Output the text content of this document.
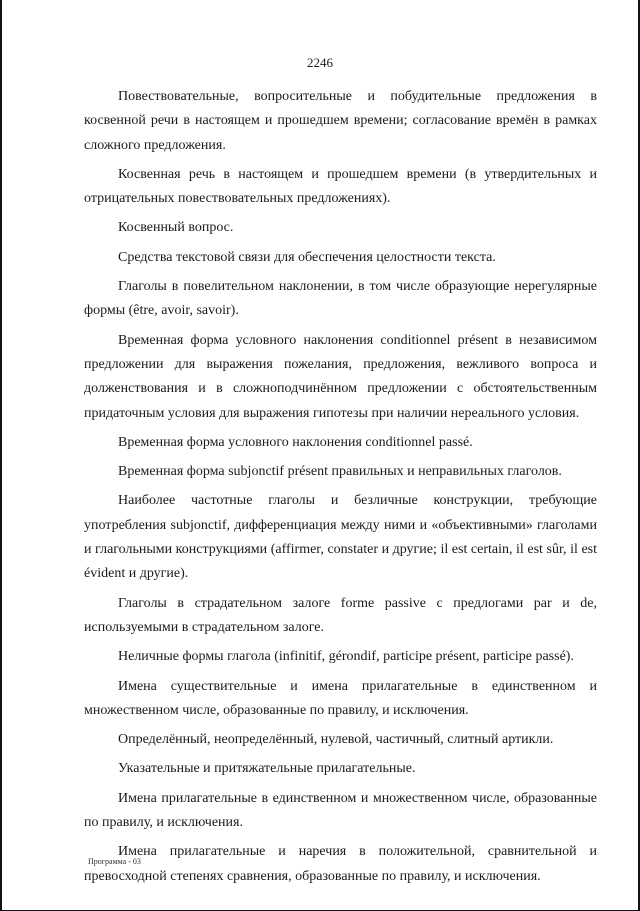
2246

Повествовательные, вопросительные и побудительные предложения в косвенной речи в настоящем и прошедшем времени; согласование времён в рамках сложного предложения.

Косвенная речь в настоящем и прошедшем времени (в утвердительных и отрицательных повествовательных предложениях).

Косвенный вопрос.

Средства текстовой связи для обеспечения целостности текста.

Глаголы в повелительном наклонении, в том числе образующие нерегулярные формы (être, avoir, savoir).

Временная форма условного наклонения conditionnel présent в независимом предложении для выражения пожелания, предложения, вежливого вопроса и долженствования и в сложноподчинённом предложении с обстоятельственным придаточным условия для выражения гипотезы при наличии нереального условия.

Временная форма условного наклонения conditionnel passé.

Временная форма subjonctif présent правильных и неправильных глаголов.

Наиболее частотные глаголы и безличные конструкции, требующие употребления subjonctif, дифференциация между ними и «объективными» глаголами и глагольными конструкциями (affirmer, constater и другие; il est certain, il est sûr, il est évident и другие).

Глаголы в страдательном залоге forme passive с предлогами par и de, используемыми в страдательном залоге.

Неличные формы глагола (infinitif, gérondif, participe présent, participe passé).

Имена существительные и имена прилагательные в единственном и множественном числе, образованные по правилу, и исключения.

Определённый, неопределённый, нулевой, частичный, слитный артикли.

Указательные и притяжательные прилагательные.

Имена прилагательные в единственном и множественном числе, образованные по правилу, и исключения.

Имена прилагательные и наречия в положительной, сравнительной и превосходной степенях сравнения, образованные по правилу, и исключения.

Программа - 03
